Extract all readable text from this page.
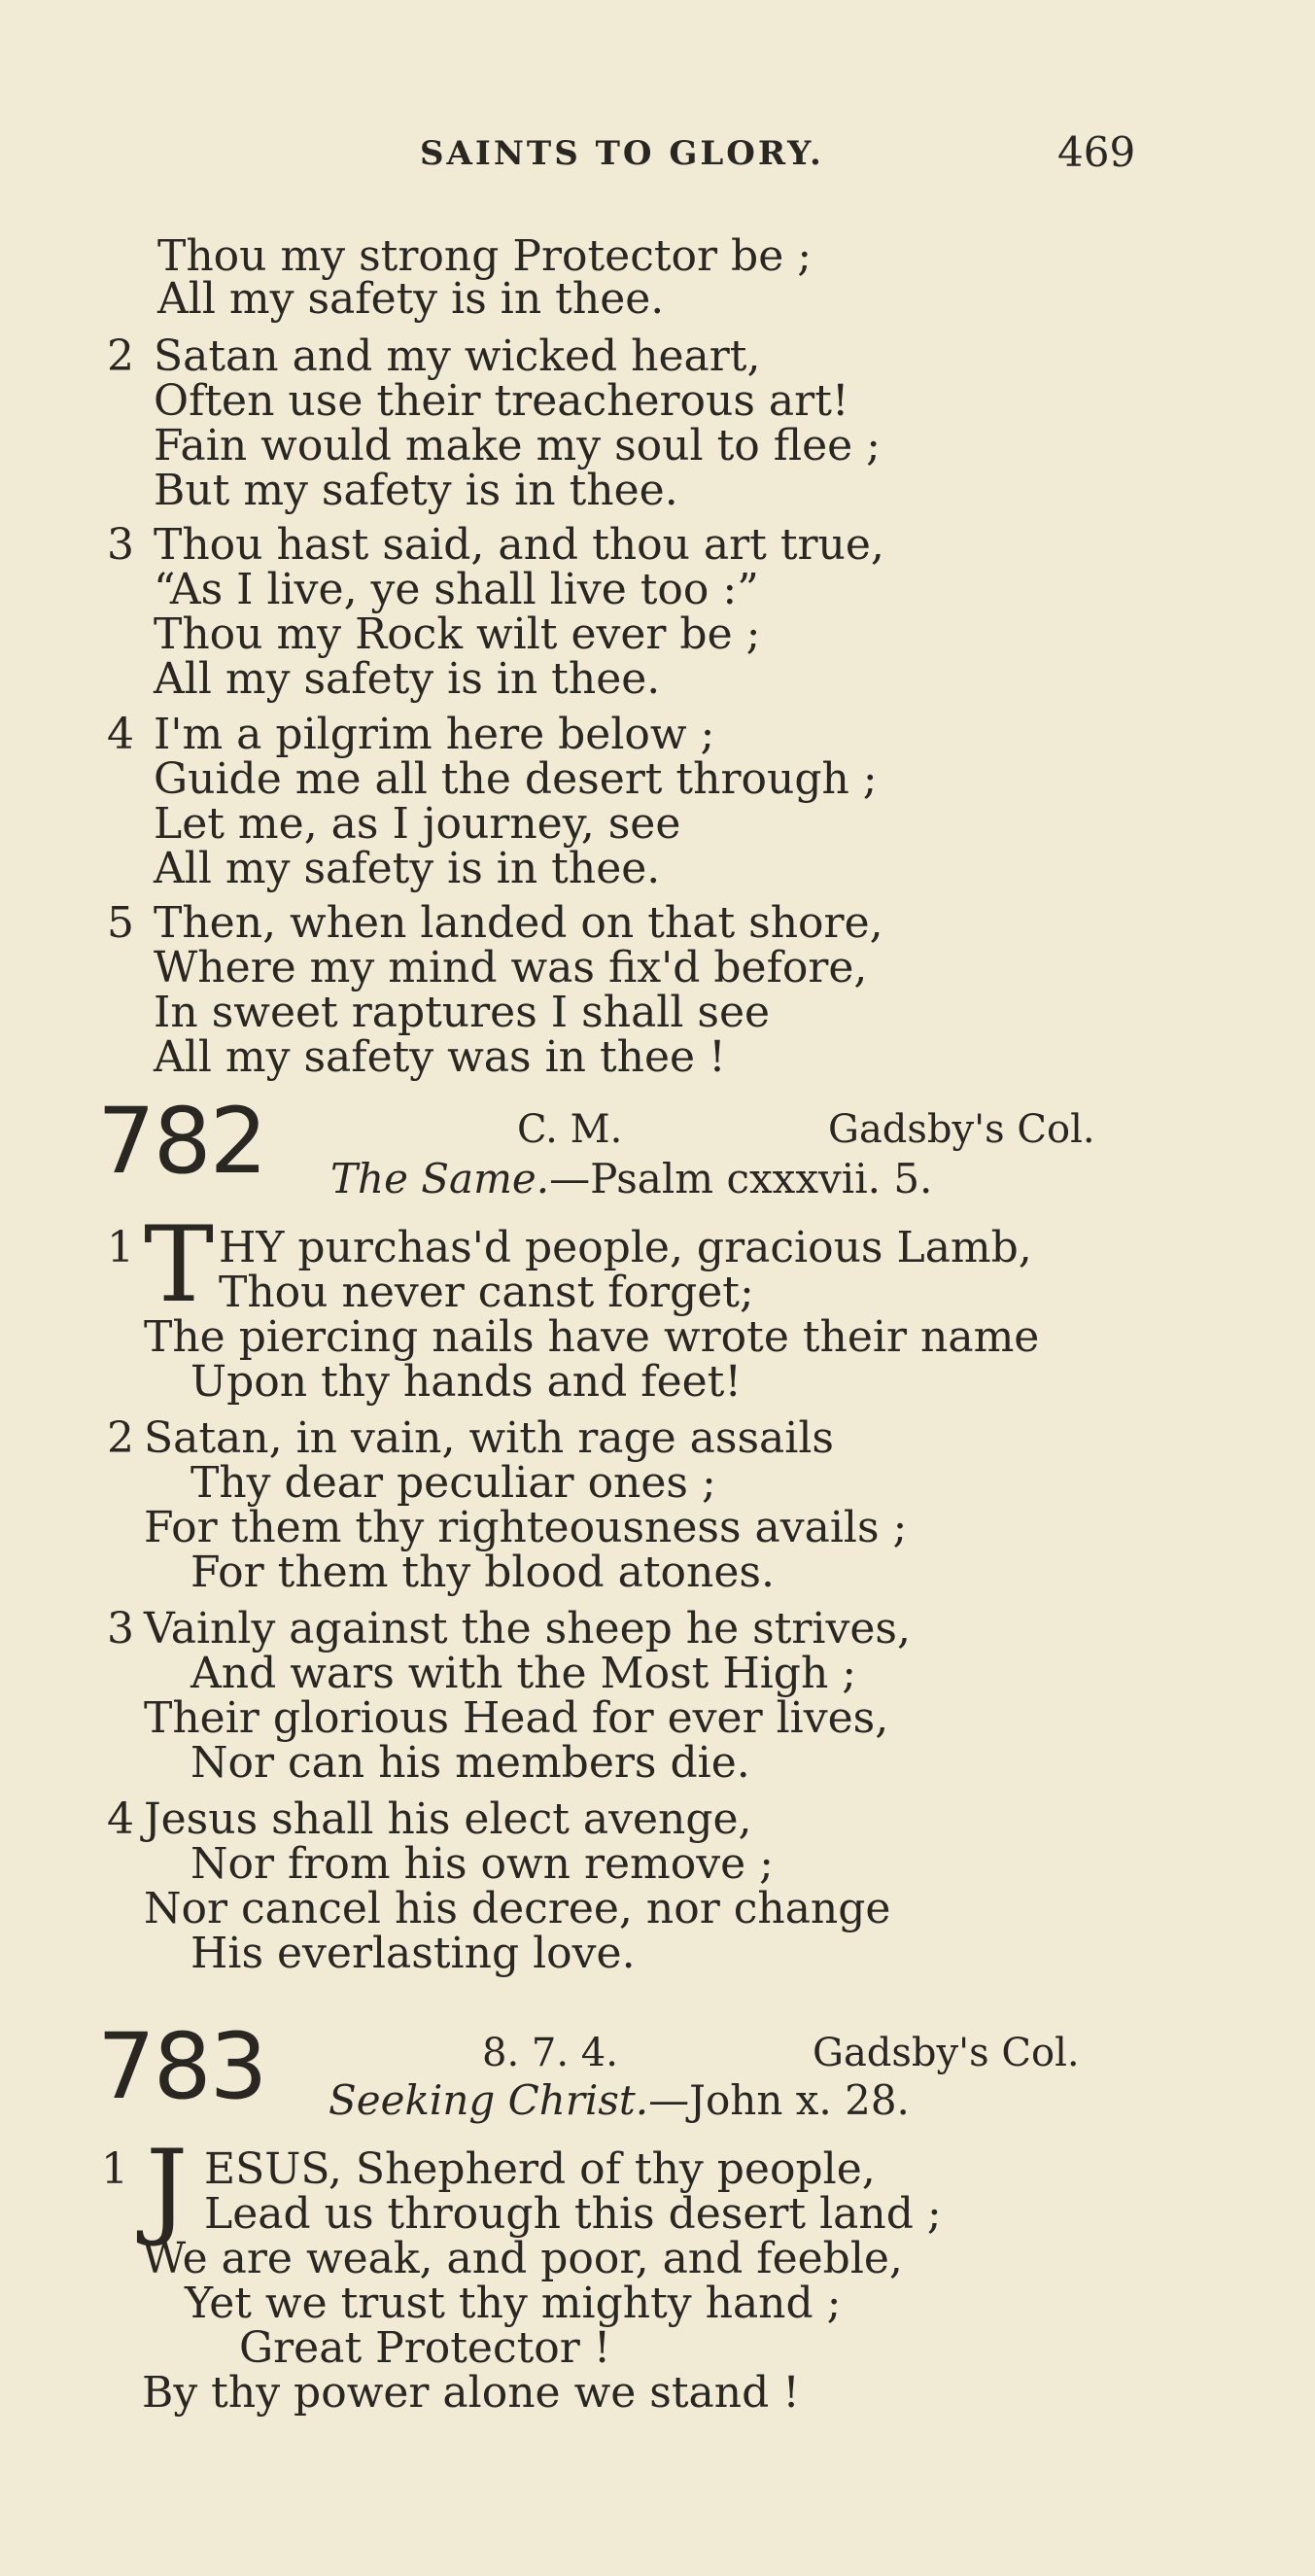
SAINTS TO GLORY.	469
Thou my strong Protector be ;
All my safety is in thee.
2 Satan and my wicked heart,
Often use their treacherous art!
Fain would make my soul to flee ;
But my safety is in thee.
3 Thou hast said, and thou art true,
“As I live, ye shall live too :”
Thou my Rock wilt ever be ;
All my safety is in thee.
4 I'm a pilgrim here below ;
Guide me all the desert through ;
Let me, as I journey, see
All my safety is in thee.
5 Then, when landed on that shore,
Where my mind was fix'd before,
In sweet raptures I shall see
All my safety was in thee !
782	C. M.	Gadsby's Col.
The Same.—Psalm cxxxvii. 5.
1 T HY purchas'd people, gracious Lamb,
Thou never canst forget;
The piercing nails have wrote their name
Upon thy hands and feet!
2 Satan, in vain, with rage assails
Thy dear peculiar ones ;
For them thy righteousness avails ;
For them thy blood atones.
3 Vainly against the sheep he strives,
And wars with the Most High ;
Their glorious Head for ever lives,
Nor can his members die.
4 Jesus shall his elect avenge,
Nor from his own remove ;
Nor cancel his decree, nor change
His everlasting love.
783	8. 7. 4.	Gadsby's Col.
Seeking Christ.—John x. 28.
1 J ESUS, Shepherd of thy people,
Lead us through this desert land ;
We are weak, and poor, and feeble,
Yet we trust thy mighty hand ;
Great Protector !
By thy power alone we stand !
